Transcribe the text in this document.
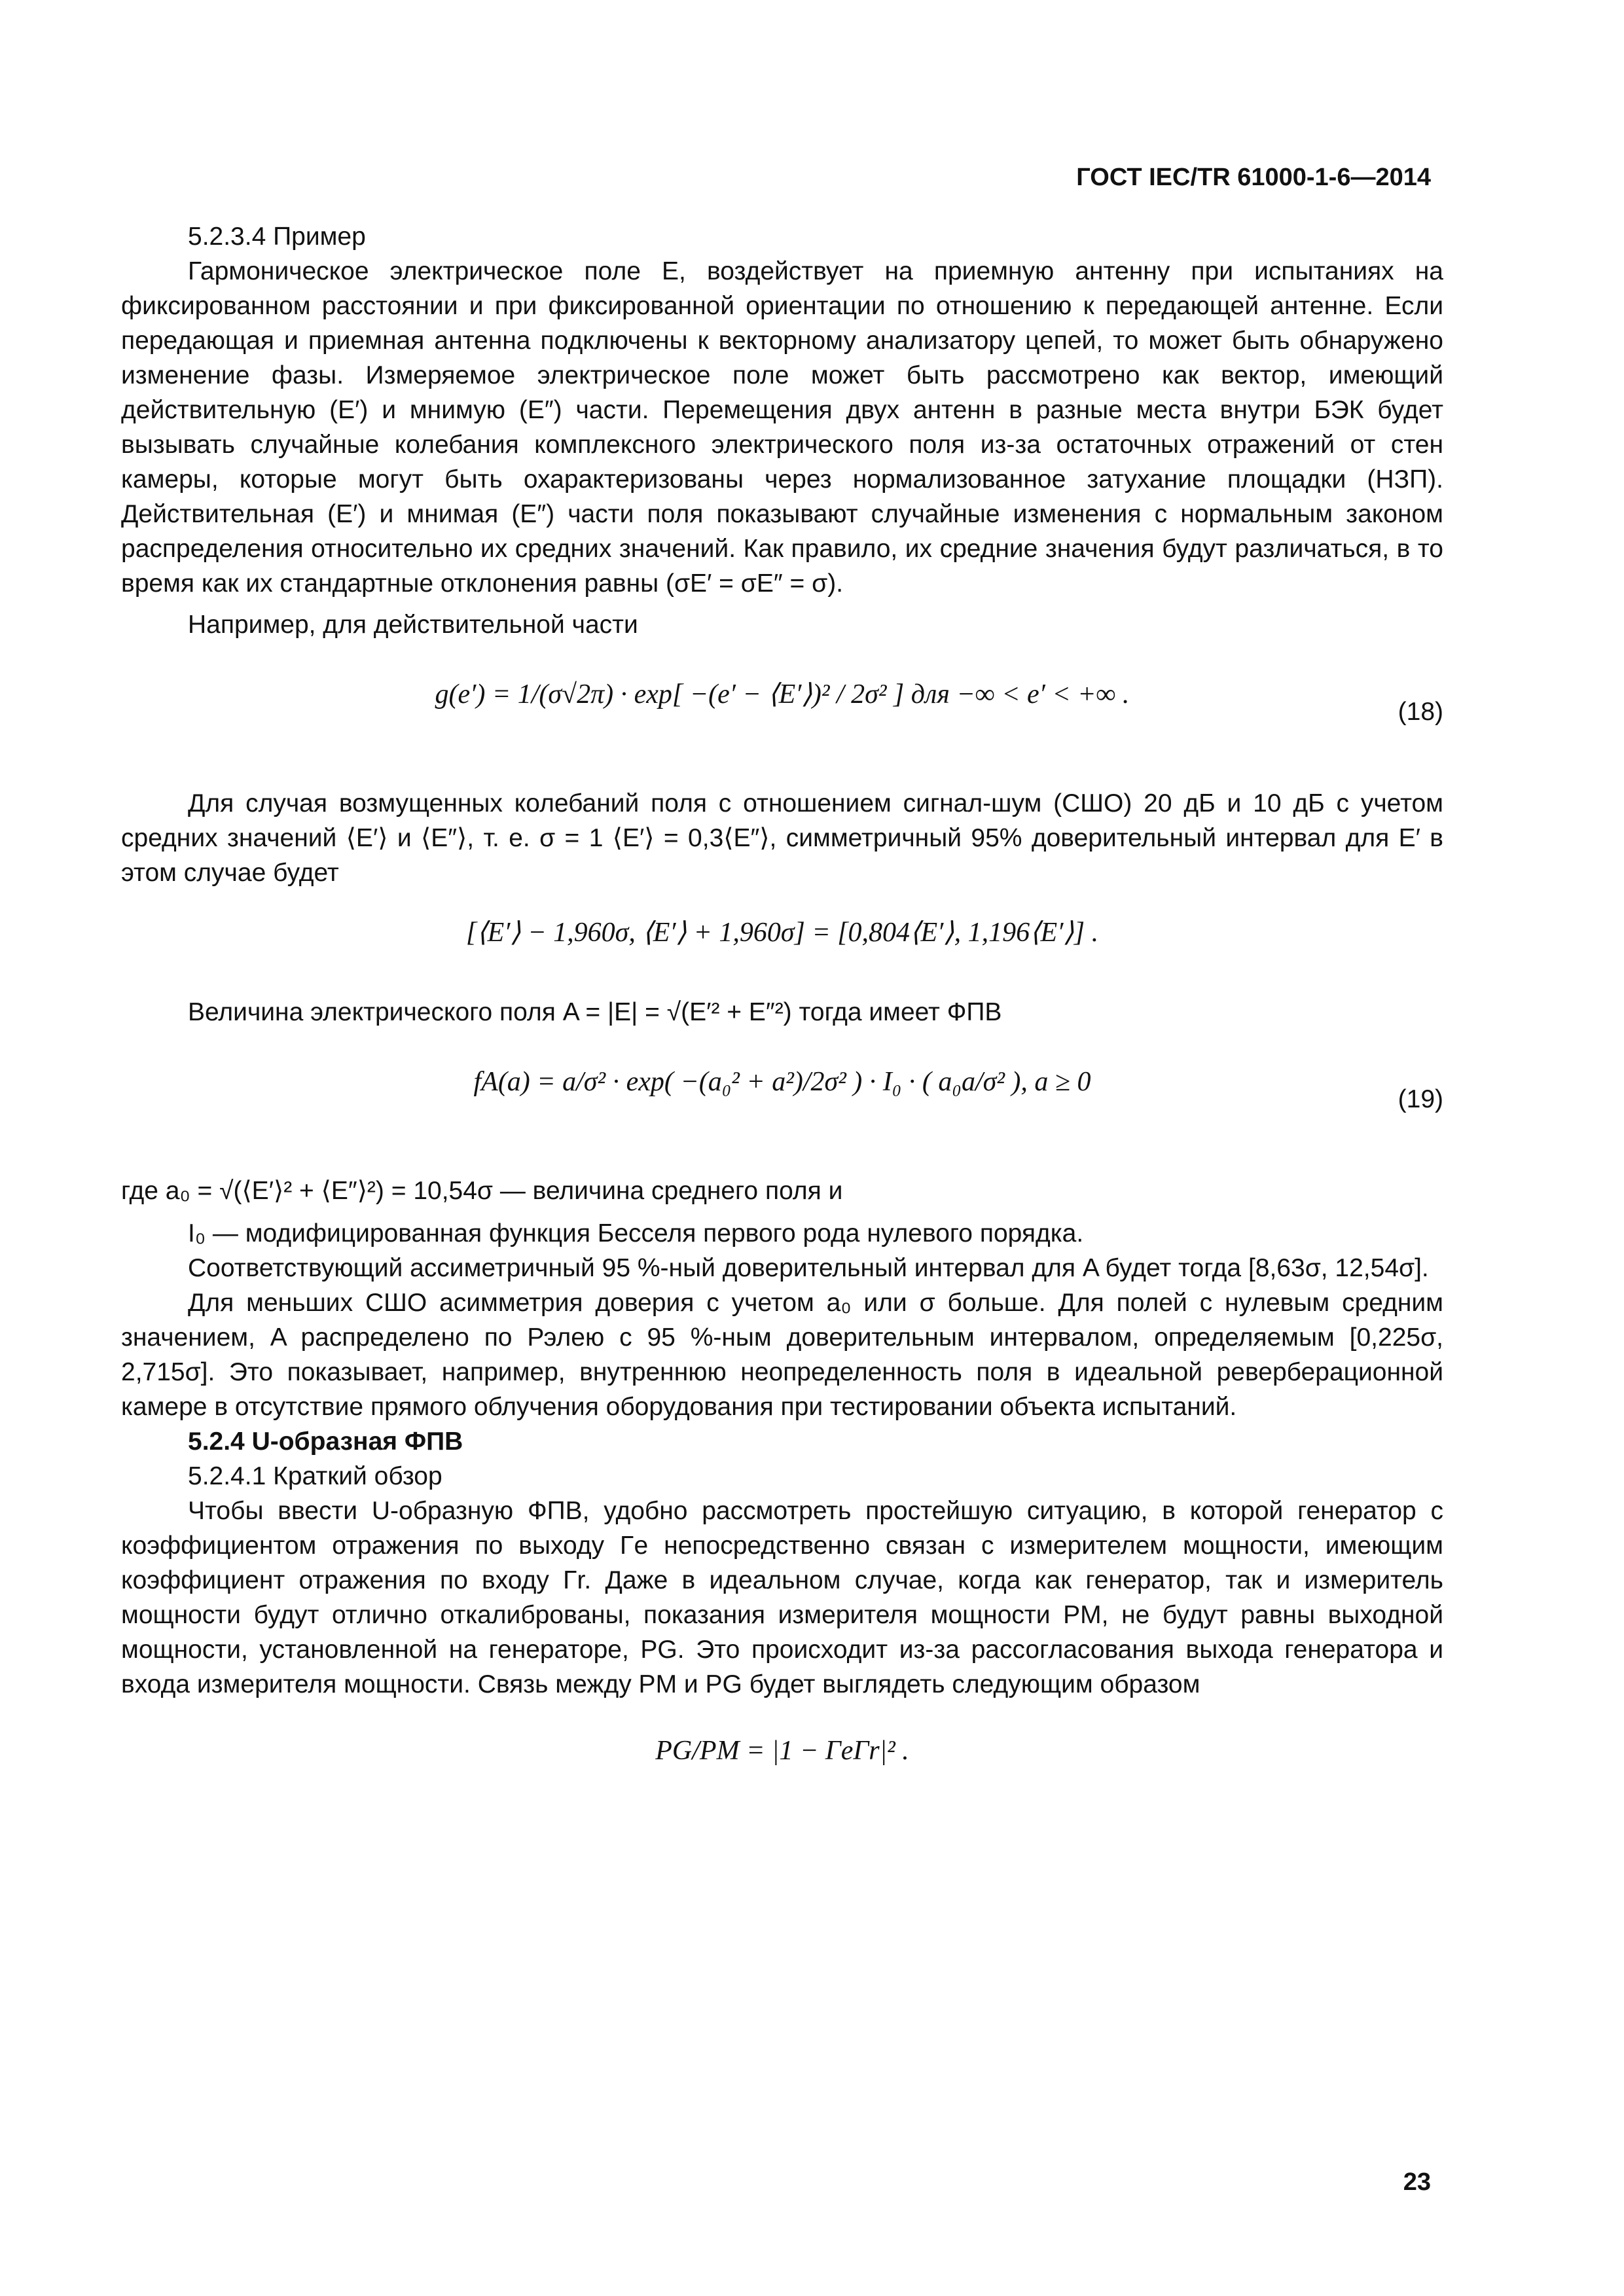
ГОСТ IEC/TR 61000-1-6—2014

5.2.3.4 Пример

Гармоническое электрическое поле E, воздействует на приемную антенну при испытаниях на фиксированном расстоянии и при фиксированной ориентации по отношению к передающей антенне. Если передающая и приемная антенна подключены к векторному анализатору цепей, то может быть обнаружено изменение фазы. Измеряемое электрическое поле может быть рассмотрено как вектор, имеющий действительную (E′) и мнимую (E″) части. Перемещения двух антенн в разные места внутри БЭК будет вызывать случайные колебания комплексного электрического поля из-за остаточных отражений от стен камеры, которые могут быть охарактеризованы через нормализованное затухание площадки (НЗП). Действительная (E′) и мнимая (E″) части поля показывают случайные изменения с нормальным законом распределения относительно их средних значений. Как правило, их средние значения будут различаться, в то время как их стандартные отклонения равны (σE′ = σE″ = σ).

Например, для действительной части

g(e′) = 1/(σ√2π) · exp[ −(e′ − ⟨E′⟩)² / 2σ² ] для −∞ < e′ < +∞ .
(18)

Для случая возмущенных колебаний поля с отношением сигнал-шум (СШО) 20 дБ и 10 дБ с учетом средних значений ⟨E′⟩ и ⟨E″⟩, т. е. σ = 1 ⟨E′⟩ = 0,3⟨E″⟩, симметричный 95% доверительный интервал для E′ в этом случае будет

[⟨E′⟩ − 1,960σ, ⟨E′⟩ + 1,960σ] = [0,804⟨E′⟩, 1,196⟨E′⟩] .

Величина электрического поля A = |E| = √(E′² + E″²) тогда имеет ФПВ

fA(a) = a/σ² · exp( −(a₀² + a²)/2σ² ) · I₀ · ( a₀a/σ² ), a ≥ 0
(19)

где a₀ = √(⟨E′⟩² + ⟨E″⟩²) = 10,54σ — величина среднего поля и

I₀ — модифицированная функция Бесселя первого рода нулевого порядка.

Соответствующий ассиметричный 95 %-ный доверительный интервал для A будет тогда [8,63σ, 12,54σ].

Для меньших СШО асимметрия доверия с учетом a₀ или σ больше. Для полей с нулевым средним значением, A распределено по Рэлею с 95 %-ным доверительным интервалом, определяемым [0,225σ, 2,715σ]. Это показывает, например, внутреннюю неопределенность поля в идеальной реверберационной камере в отсутствие прямого облучения оборудования при тестировании объекта испытаний.

5.2.4 U-образная ФПВ

5.2.4.1 Краткий обзор

Чтобы ввести U-образную ФПВ, удобно рассмотреть простейшую ситуацию, в которой генератор с коэффициентом отражения по выходу Γe непосредственно связан с измерителем мощности, имеющим коэффициент отражения по входу Γr. Даже в идеальном случае, когда как генератор, так и измеритель мощности будут отлично откалиброваны, показания измерителя мощности PM, не будут равны выходной мощности, установленной на генераторе, PG. Это происходит из-за рассогласования выхода генератора и входа измерителя мощности. Связь между PM и PG будет выглядеть следующим образом

PG/PM = |1 − ΓeΓr|² .
23
